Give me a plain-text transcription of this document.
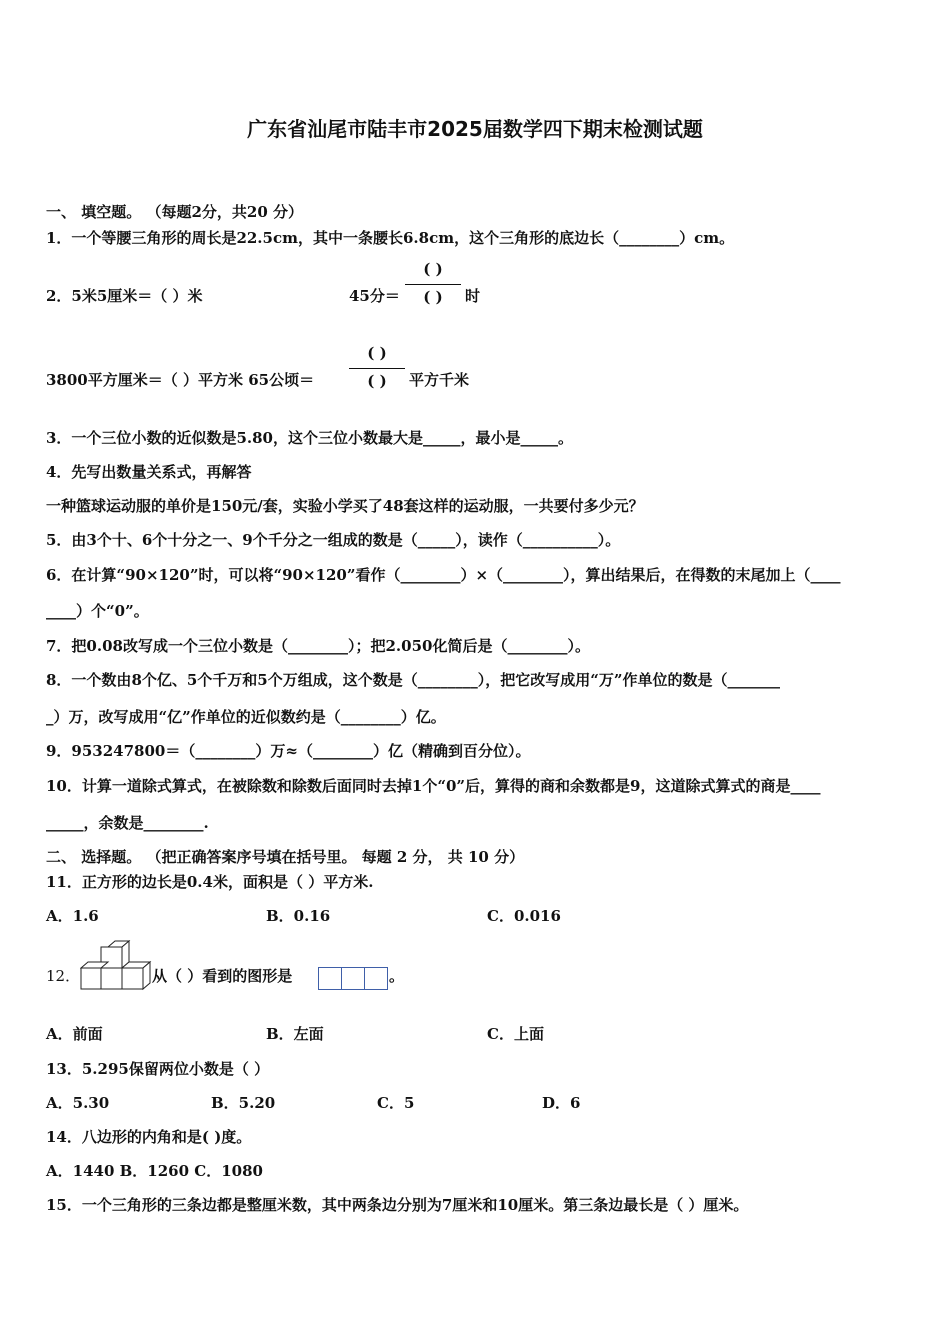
广东省汕尾市陆丰市2025届数学四下期末检测试题
一、 填空题。 （每题2分，共20 分）
1．一个等腰三角形的周长是22.5cm，其中一条腰长6.8cm，这个三角形的底边长（________）cm。
2．5米5厘米＝（ ）米	45分＝
( )
( )	时
3800平方厘米＝（ ）平方米 65公顷＝
( )
( )	平方千米
3．一个三位小数的近似数是5.80，这个三位小数最大是_____，最小是_____。
4．先写出数量关系式，再解答
一种篮球运动服的单价是150元/套，实验小学买了48套这样的运动服，一共要付多少元？
5．由3个十、6个十分之一、9个千分之一组成的数是（_____），读作（__________）。
6．在计算“90×120”时，可以将“90×120”看作（________）×（________），算出结果后，在得数的末尾加上（____
____）个“0”。
7．把0.08改写成一个三位小数是（________）；把2.050化简后是（________）。
8．一个数由8个亿、5个千万和5个万组成，这个数是（________），把它改写成用“万”作单位的数是（_______
_）万，改写成用“亿”作单位的近似数约是（________）亿。
9．953247800＝（________）万≈（________）亿（精确到百分位）。
10．计算一道除式算式，在被除数和除数后面同时去掉1个“0”后，算得的商和余数都是9，这道除式算式的商是____
_____，余数是________.
二、 选择题。 （把正确答案序号填在括号里。 每题 2 分， 共 10 分）
11．正方形的边长是0.4米，面积是（ ）平方米.
A．1.6	B．0.16	C．0.016
12．	从（ ）看到的图形是	。
A．前面	B．左面	C．上面
13．5.295保留两位小数是（ ）
A．5.30	B．5.20	C．5	D．6
14．八边形的内角和是( )度。
A．1440 B．1260 C．1080
15．一个三角形的三条边都是整厘米数，其中两条边分别为7厘米和10厘米。第三条边最长是（ ）厘米。
